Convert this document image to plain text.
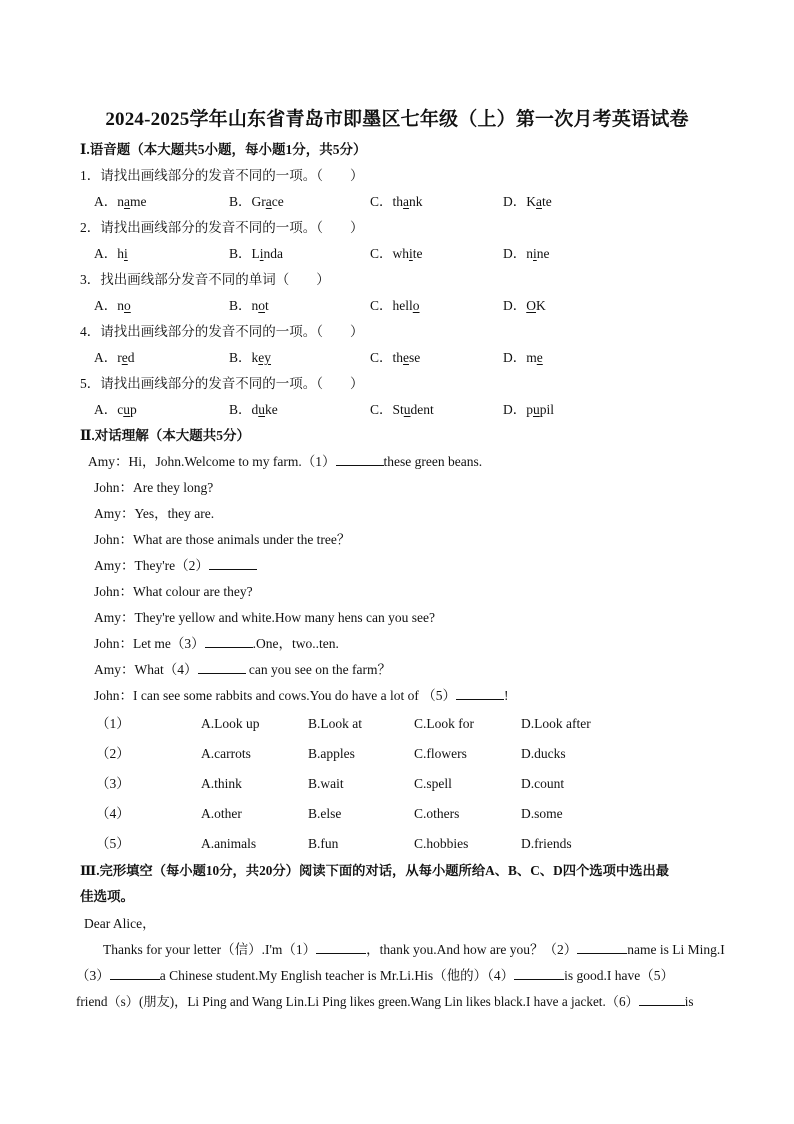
2024-2025学年山东省青岛市即墨区七年级（上）第一次月考英语试卷
Ⅰ.语音题（本大题共5小题，每小题1分，共5分）
1．请找出画线部分的发音不同的一项。（　　）
A．name	B．Grace	C．thank	D．Kate
2．请找出画线部分的发音不同的一项。（　　）
A．hi	B．Linda	C．white	D．nine
3．找出画线部分发音不同的单词（　　）
A．no	B．not	C．hello	D．OK
4．请找出画线部分的发音不同的一项。（　　）
A．red	B．key	C．these	D．me
5．请找出画线部分的发音不同的一项。（　　）
A．cup	B．duke	C．Student	D．pupil
Ⅱ.对话理解（本大题共5分）
Amy：Hi，John.Welcome to my farm.（1）	these green beans.
John：Are they long?
Amy：Yes，they are.
John：What are those animals under the tree？
Amy：They're（2）
John：What colour are they?
Amy：They're yellow and white.How many hens can you see?
John：Let me（3）	.One，two..ten.
Amy：What（4）	can you see on the farm？
John：I can see some rabbits and cows.You do have a lot of （5）	!
（1）	A.Look up	B.Look at	C.Look for	D.Look after
（2）	A.carrots	B.apples	C.flowers	D.ducks
（3）	A.think	B.wait	C.spell	D.count
（4）	A.other	B.else	C.others	D.some
（5）	A.animals	B.fun	C.hobbies	D.friends
Ⅲ.完形填空（每小题10分，共20分）阅读下面的对话，从每小题所给A、B、C、D四个选项中选出最
佳选项。
Dear Alice，
Thanks for your letter（信）.I'm（1）	，thank you.And how are you？（2）	name is Li Ming.I
（3）	a Chinese student.My English teacher is Mr.Li.His（他的）（4）	is good.I have（5）
friend（s）(朋友)，Li Ping and Wang Lin.Li Ping likes green.Wang Lin likes black.I have a jacket.（6）	is
